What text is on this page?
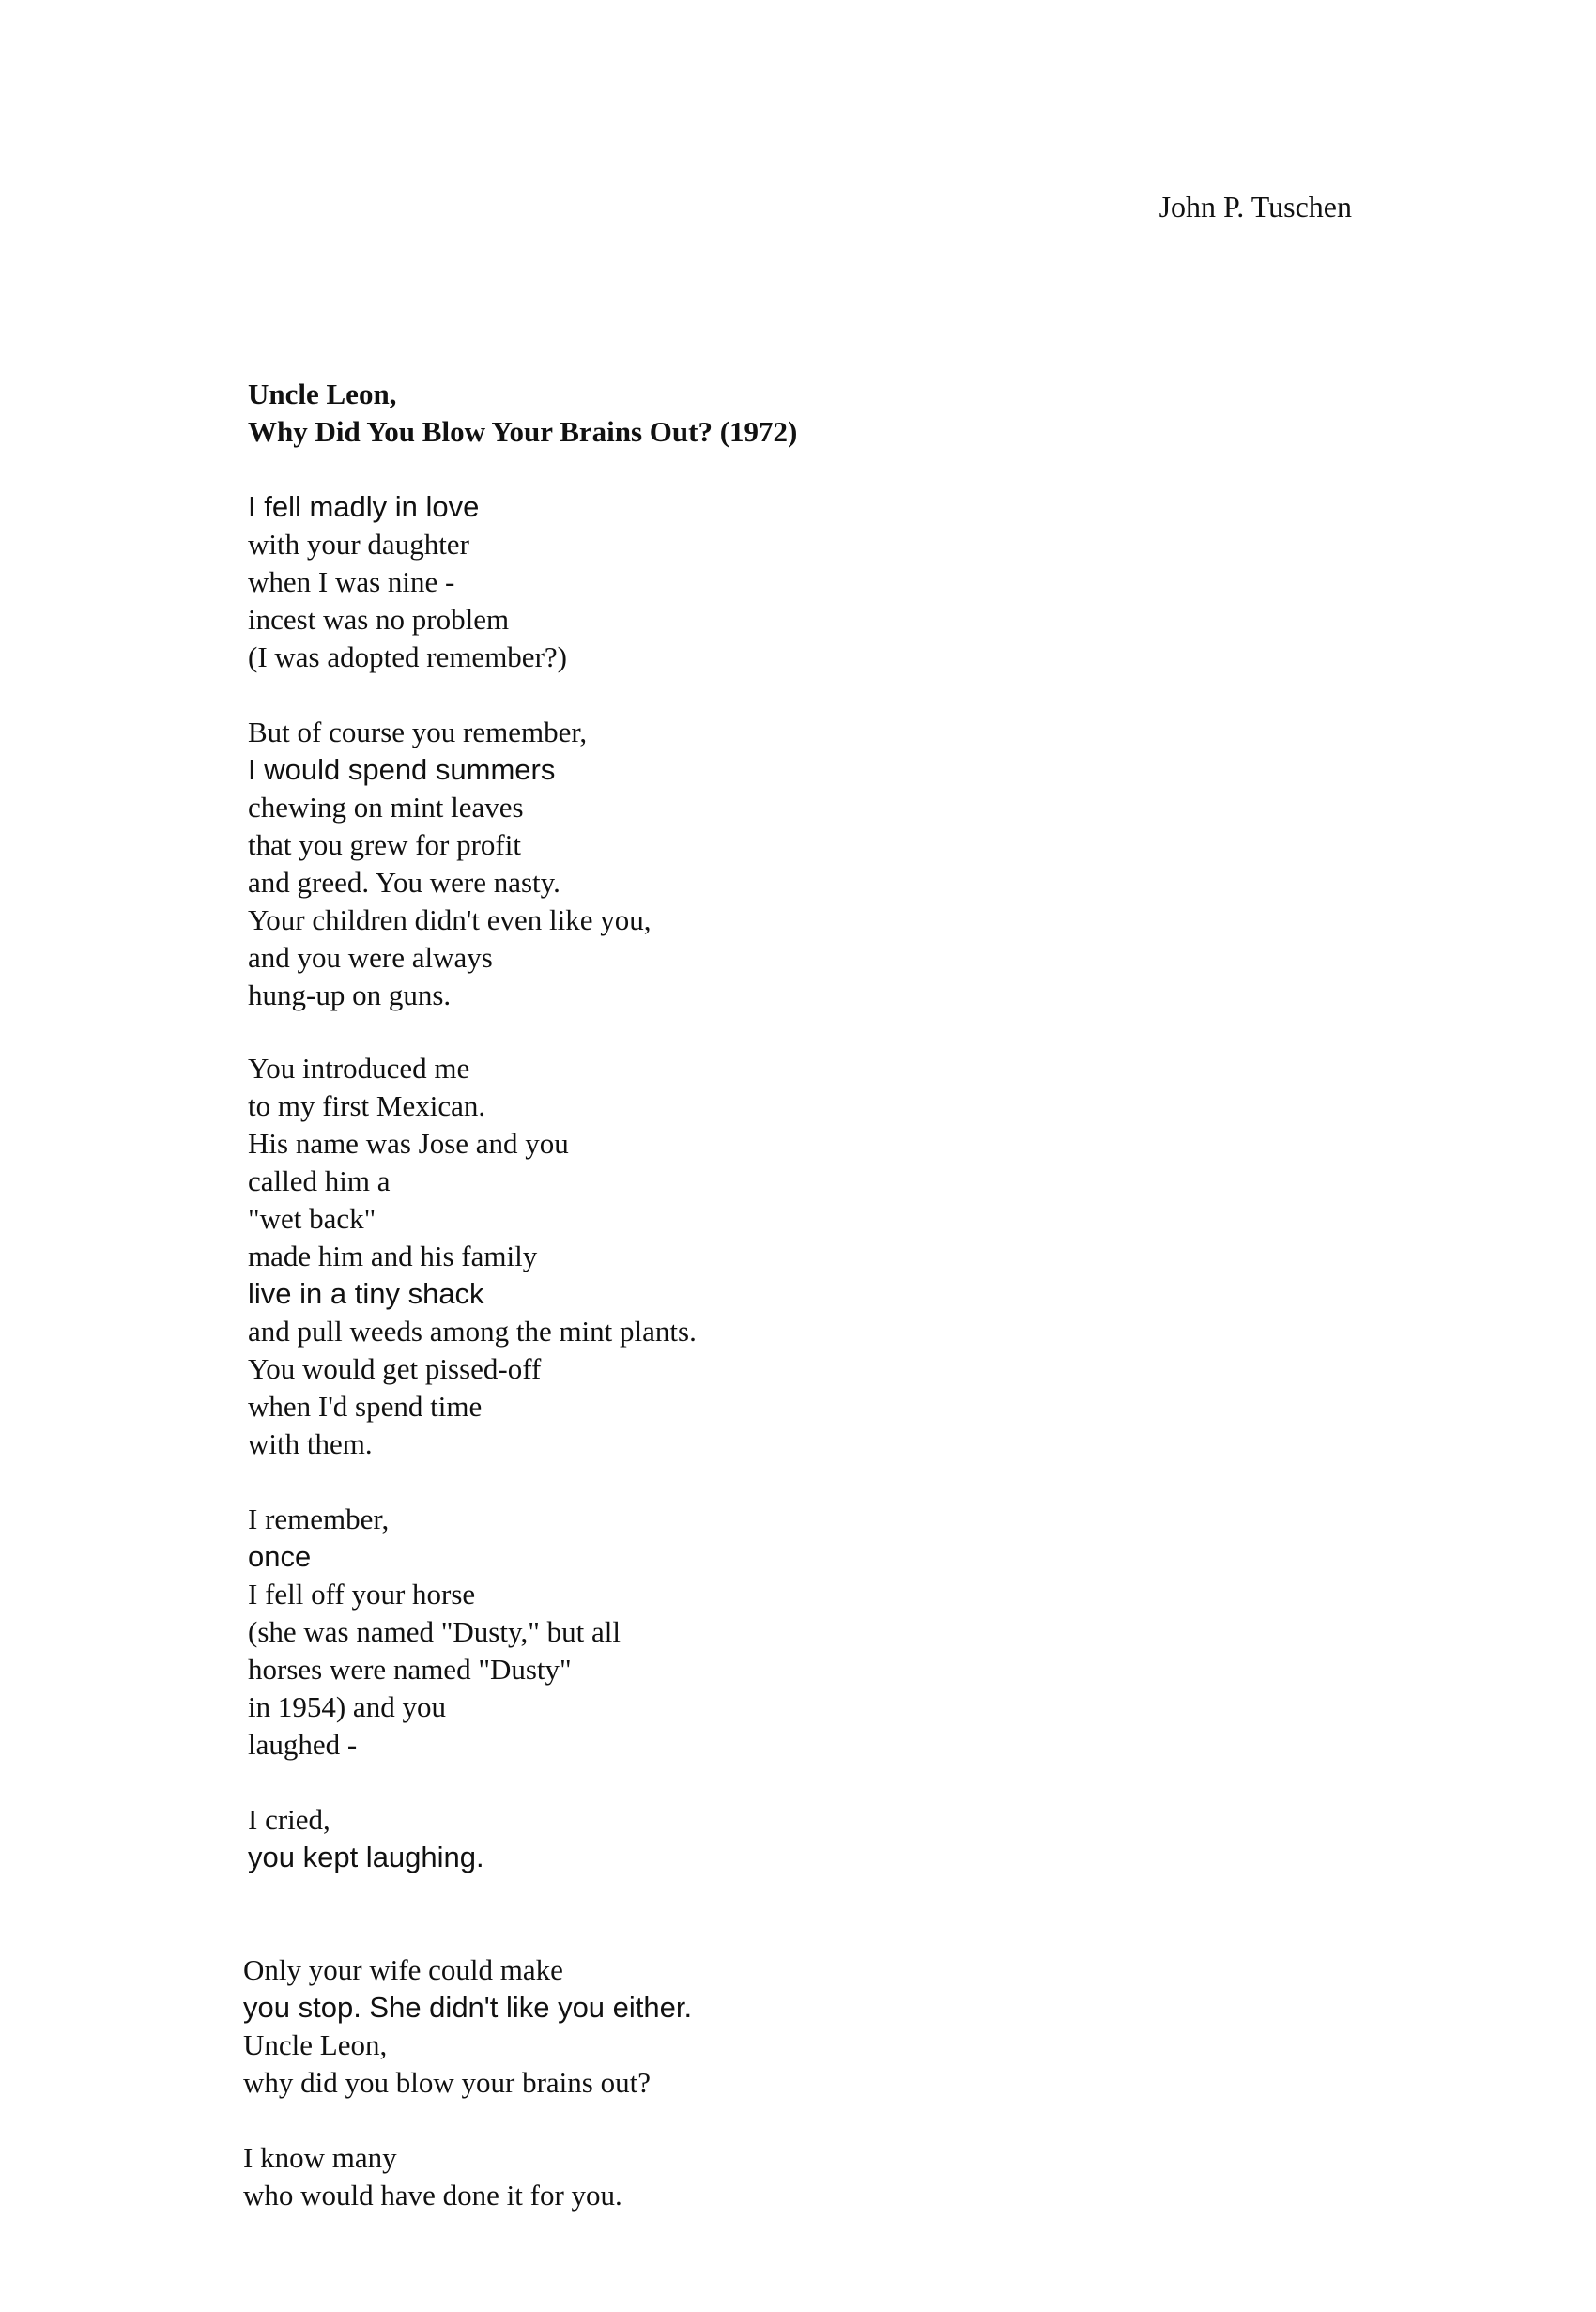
John P. Tuschen
Uncle Leon,
Why Did You Blow Your Brains Out? (1972)
I fell madly in love
with your daughter
when I was nine -
incest was no problem
(I was adopted remember?)
But of course you remember,
I would spend summers
chewing on mint leaves
that you grew for profit
and greed. You were nasty.
Your children didn't even like you,
and you were always
hung-up on guns.
You introduced me
to my first Mexican.
His name was Jose and you
called him a
"wet back"
made him and his family
live in a tiny shack
and pull weeds among the mint plants.
You would get pissed-off
when I'd spend time
with them.
I remember,
once
I fell off your horse
(she was named "Dusty," but all
horses were named "Dusty"
in 1954) and you
laughed -
I cried,
you kept laughing.
Only your wife could make
you stop. She didn't like you either.
Uncle Leon,
why did you blow your brains out?
I know many
who would have done it for you.
